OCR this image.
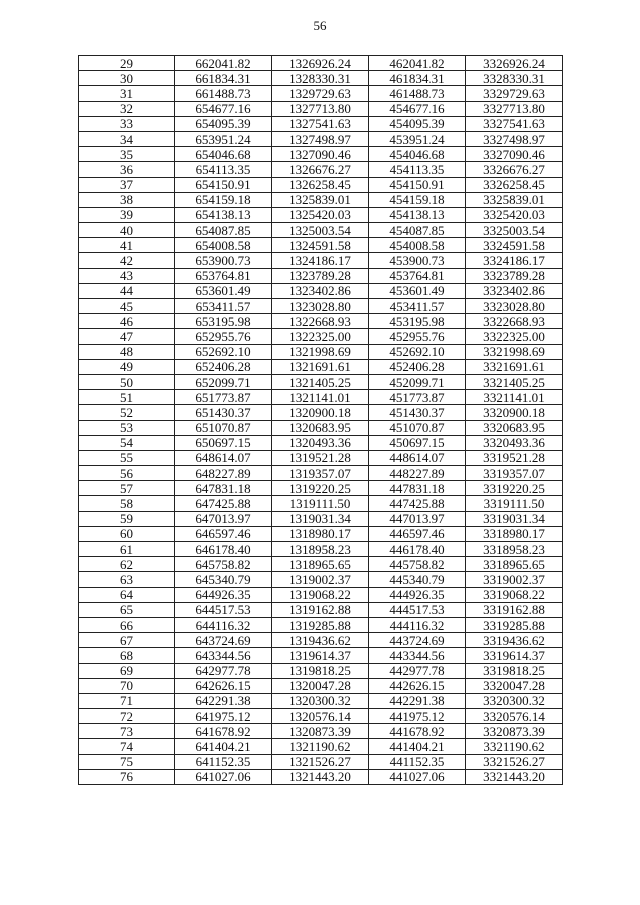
56
29	662041.82	1326926.24	462041.82	3326926.24
30	661834.31	1328330.31	461834.31	3328330.31
31	661488.73	1329729.63	461488.73	3329729.63
32	654677.16	1327713.80	454677.16	3327713.80
33	654095.39	1327541.63	454095.39	3327541.63
34	653951.24	1327498.97	453951.24	3327498.97
35	654046.68	1327090.46	454046.68	3327090.46
36	654113.35	1326676.27	454113.35	3326676.27
37	654150.91	1326258.45	454150.91	3326258.45
38	654159.18	1325839.01	454159.18	3325839.01
39	654138.13	1325420.03	454138.13	3325420.03
40	654087.85	1325003.54	454087.85	3325003.54
41	654008.58	1324591.58	454008.58	3324591.58
42	653900.73	1324186.17	453900.73	3324186.17
43	653764.81	1323789.28	453764.81	3323789.28
44	653601.49	1323402.86	453601.49	3323402.86
45	653411.57	1323028.80	453411.57	3323028.80
46	653195.98	1322668.93	453195.98	3322668.93
47	652955.76	1322325.00	452955.76	3322325.00
48	652692.10	1321998.69	452692.10	3321998.69
49	652406.28	1321691.61	452406.28	3321691.61
50	652099.71	1321405.25	452099.71	3321405.25
51	651773.87	1321141.01	451773.87	3321141.01
52	651430.37	1320900.18	451430.37	3320900.18
53	651070.87	1320683.95	451070.87	3320683.95
54	650697.15	1320493.36	450697.15	3320493.36
55	648614.07	1319521.28	448614.07	3319521.28
56	648227.89	1319357.07	448227.89	3319357.07
57	647831.18	1319220.25	447831.18	3319220.25
58	647425.88	1319111.50	447425.88	3319111.50
59	647013.97	1319031.34	447013.97	3319031.34
60	646597.46	1318980.17	446597.46	3318980.17
61	646178.40	1318958.23	446178.40	3318958.23
62	645758.82	1318965.65	445758.82	3318965.65
63	645340.79	1319002.37	445340.79	3319002.37
64	644926.35	1319068.22	444926.35	3319068.22
65	644517.53	1319162.88	444517.53	3319162.88
66	644116.32	1319285.88	444116.32	3319285.88
67	643724.69	1319436.62	443724.69	3319436.62
68	643344.56	1319614.37	443344.56	3319614.37
69	642977.78	1319818.25	442977.78	3319818.25
70	642626.15	1320047.28	442626.15	3320047.28
71	642291.38	1320300.32	442291.38	3320300.32
72	641975.12	1320576.14	441975.12	3320576.14
73	641678.92	1320873.39	441678.92	3320873.39
74	641404.21	1321190.62	441404.21	3321190.62
75	641152.35	1321526.27	441152.35	3321526.27
76	641027.06	1321443.20	441027.06	3321443.20
